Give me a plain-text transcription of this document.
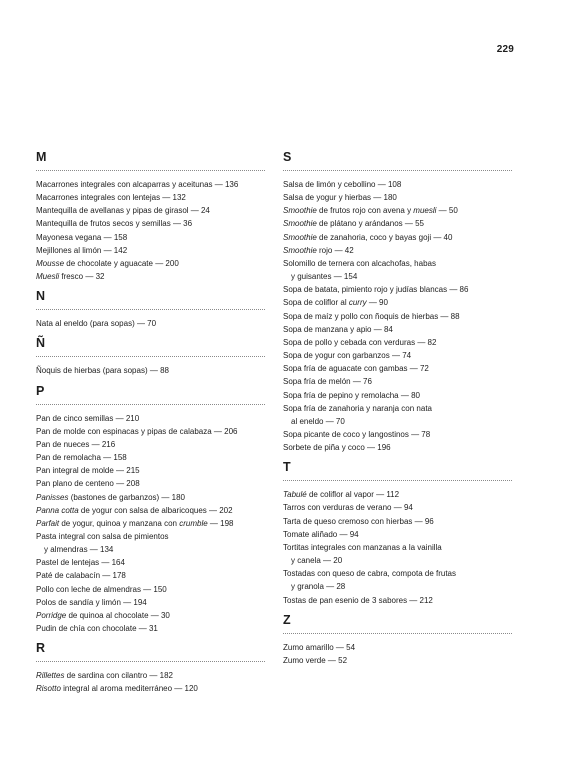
229
M
Macarrones integrales con alcaparras y aceitunas — 136
Macarrones integrales con lentejas — 132
Mantequilla de avellanas y pipas de girasol — 24
Mantequilla de frutos secos y semillas — 36
Mayonesa vegana — 158
Mejillones al limón — 142
Mousse de chocolate y aguacate — 200
Muesli fresco — 32
N
Nata al eneldo (para sopas) — 70
Ñ
Ñoquis de hierbas (para sopas) — 88
P
Pan de cinco semillas — 210
Pan de molde con espinacas y pipas de calabaza — 206
Pan de nueces — 216
Pan de remolacha — 158
Pan integral de molde — 215
Pan plano de centeno — 208
Panisses (bastones de garbanzos) — 180
Panna cotta de yogur con salsa de albaricoques — 202
Parfait de yogur, quinoa y manzana con crumble — 198
Pasta integral con salsa de pimientos
y almendras — 134
Pastel de lentejas — 164
Paté de calabacín — 178
Pollo con leche de almendras — 150
Polos de sandía y limón — 194
Porridge de quinoa al chocolate — 30
Pudin de chía con chocolate — 31
R
Rillettes de sardina con cilantro — 182
Risotto integral al aroma mediterráneo — 120
S
Salsa de limón y cebollino — 108
Salsa de yogur y hierbas — 180
Smoothie de frutos rojo con avena y muesli — 50
Smoothie de plátano y arándanos — 55
Smoothie de zanahoria, coco y bayas goji — 40
Smoothie rojo — 42
Solomillo de ternera con alcachofas, habas
y guisantes — 154
Sopa de batata, pimiento rojo y judías blancas — 86
Sopa de coliflor al curry — 90
Sopa de maíz y pollo con ñoquis de hierbas — 88
Sopa de manzana y apio — 84
Sopa de pollo y cebada con verduras — 82
Sopa de yogur con garbanzos — 74
Sopa fría de aguacate con gambas — 72
Sopa fría de melón — 76
Sopa fría de pepino y remolacha — 80
Sopa fría de zanahoria y naranja con nata
al eneldo — 70
Sopa picante de coco y langostinos — 78
Sorbete de piña y coco — 196
T
Tabulé de coliflor al vapor — 112
Tarros con verduras de verano — 94
Tarta de queso cremoso con hierbas — 96
Tomate aliñado — 94
Tortitas integrales con manzanas a la vainilla
y canela — 20
Tostadas con queso de cabra, compota de frutas
y granola — 28
Tostas de pan esenio de 3 sabores — 212
Z
Zumo amarillo — 54
Zumo verde — 52
